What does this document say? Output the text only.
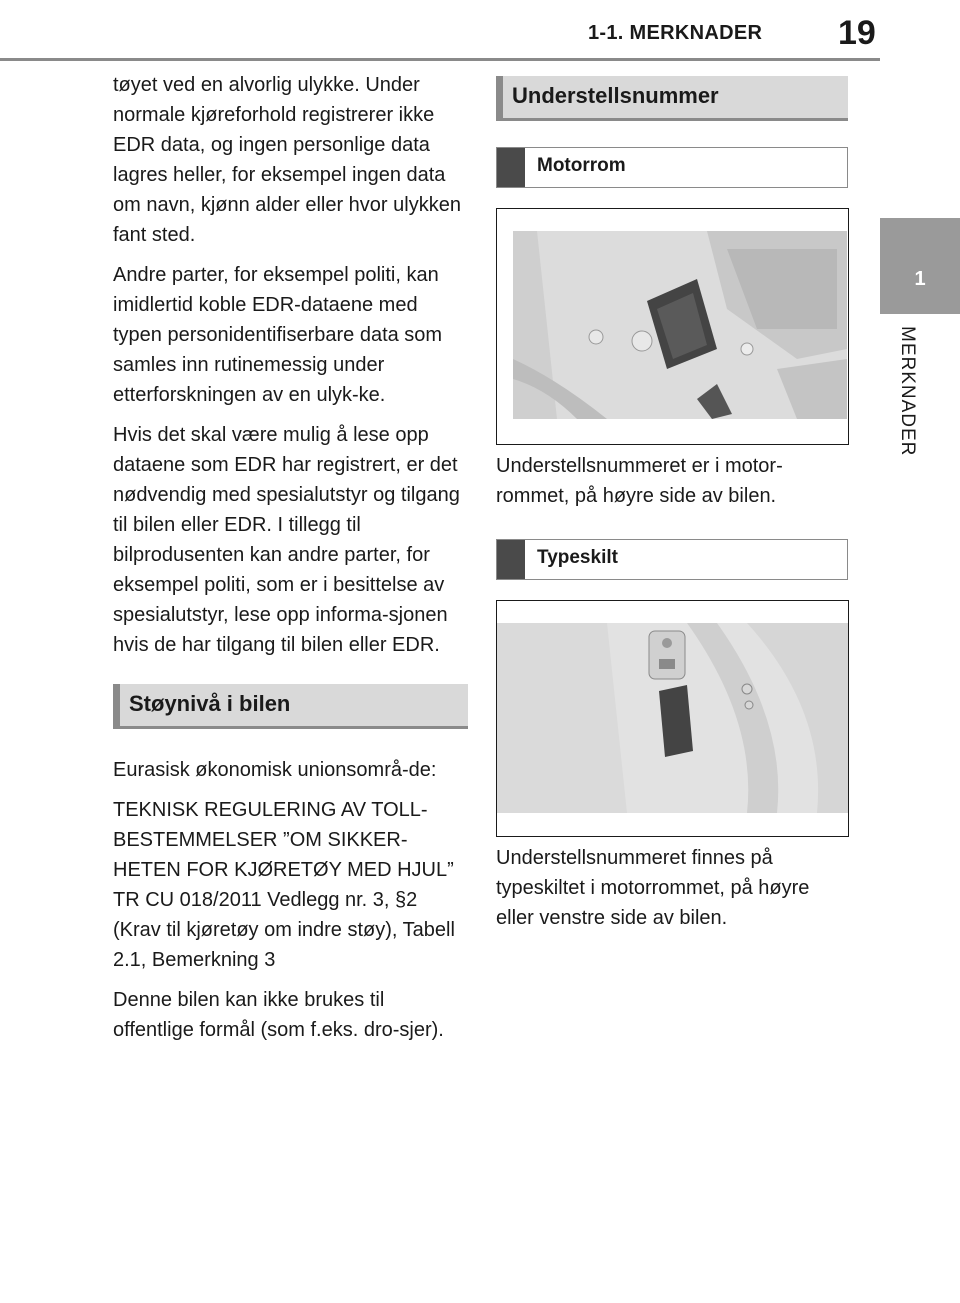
1-1. MERKNADER 19
1
MERKNADER

tøyet ved en alvorlig ulykke. Under normale kjøreforhold registrerer ikke EDR data, og ingen personlige data lagres heller, for eksempel ingen data om navn, kjønn alder eller hvor ulykken fant sted.

Andre parter, for eksempel politi, kan imidlertid koble EDR-dataene med typen personidentifiserbare data som samles inn rutinemessig under etterforskningen av en ulyk-ke.

Hvis det skal være mulig å lese opp dataene som EDR har registrert, er det nødvendig med spesialutstyr og tilgang til bilen eller EDR. I tillegg til bilprodusenten kan andre parter, for eksempel politi, som er i besittelse av spesialutstyr, lese opp informa-sjonen hvis de har tilgang til bilen eller EDR.

Støynivå i bilen

Eurasisk økonomisk unionsområ-de:

TEKNISK REGULERING AV TOLL-BESTEMMELSER ”OM SIKKER-HETEN FOR KJØRETØY MED HJUL” TR CU 018/2011 Vedlegg nr. 3, §2 (Krav til kjøretøy om indre støy), Tabell 2.1, Bemerkning 3

Denne bilen kan ikke brukes til offentlige formål (som f.eks. dro-sjer).

Understellsnummer
Motorrom

Understellsnummeret er i motor-rommet, på høyre side av bilen.

Typeskilt

Understellsnummeret finnes på typeskiltet i motorrommet, på høyre eller venstre side av bilen.
